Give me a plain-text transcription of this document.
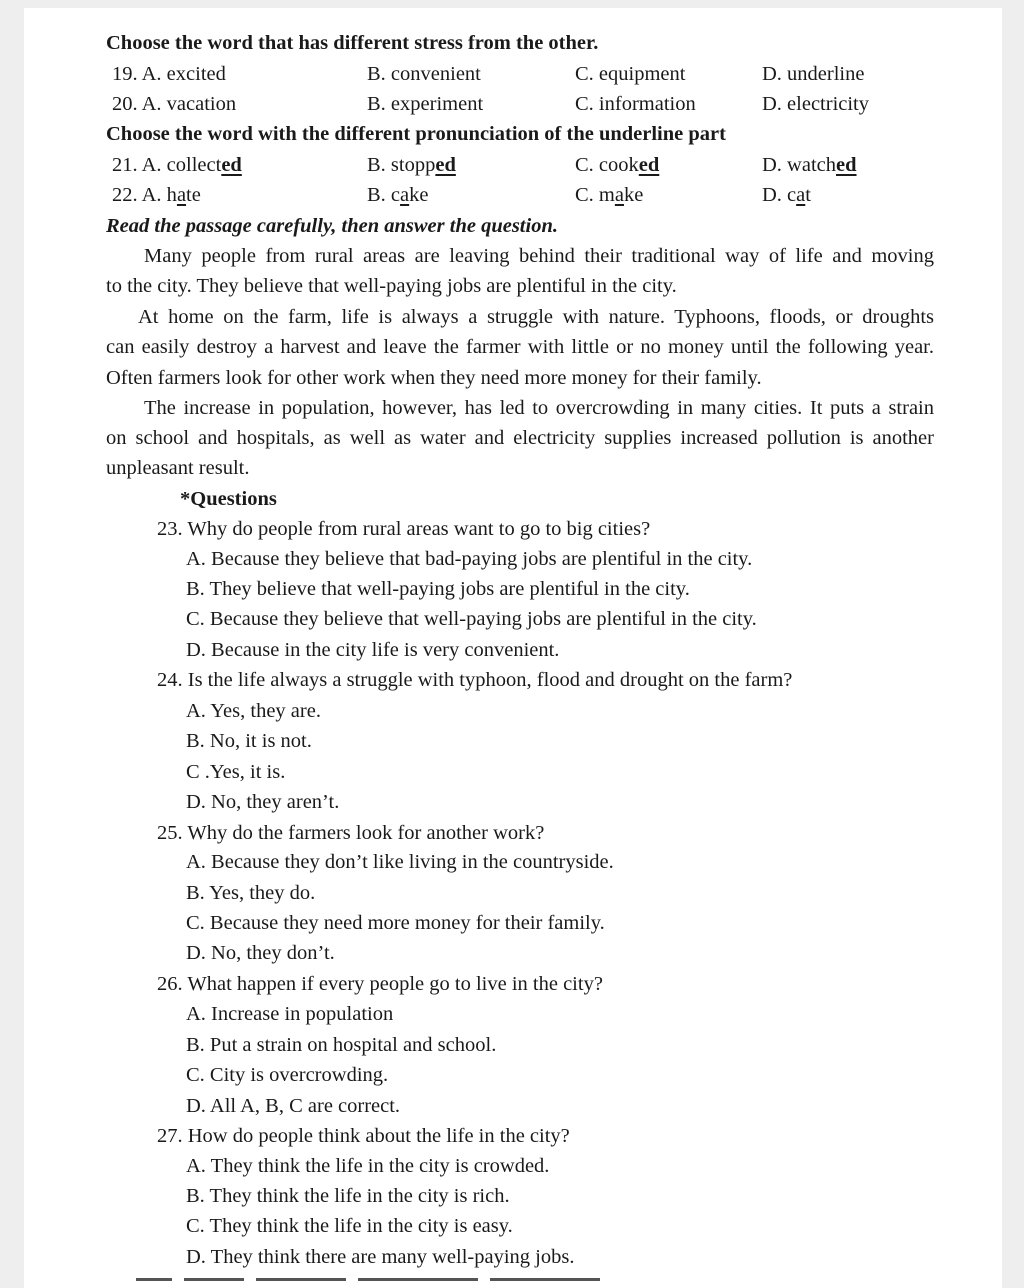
Choose the word that has different stress from the other.
19. A. excited	B. convenient	C. equipment	D. underline
20. A. vacation	B. experiment	C. information	D. electricity
Choose the word with the different pronunciation of the underline part
21. A. collected	B. stopped	C. cooked	D. watched
22. A. hate	B. cake	C. make	D. cat
Read the passage carefully, then answer the question.
Many people from rural areas are leaving behind their traditional way of life and moving
to the city. They believe that well-paying jobs are plentiful in the city.
At home on the farm, life is always a struggle with nature. Typhoons, floods, or droughts
can easily destroy a harvest and leave the farmer with little or no money until the following year.
Often farmers look for other work when they need more money for their family.
The increase in population, however, has led to overcrowding in many cities. It puts a strain
on school and hospitals, as well as water and electricity supplies increased pollution is another
unpleasant result.
*Questions
23. Why do people from rural areas want to go to big cities?
A. Because they believe that bad-paying jobs are plentiful in the city.
B. They believe that well-paying jobs are plentiful in the city.
C. Because they believe that well-paying jobs are plentiful in the city.
D. Because in the city life is very convenient.
24. Is the life always a struggle with typhoon, flood and drought on the farm?
A. Yes, they are.
B. No, it is not.
C .Yes, it is.
D. No, they aren’t.
25. Why do the farmers look for another work?
A. Because they don’t like living in the countryside.
B. Yes, they do.
C. Because they need more money for their family.
D. No, they don’t.
26. What happen if every people go to live in the city?
A. Increase in population
B. Put a strain on hospital and school.
C. City is overcrowding.
D. All A, B, C are correct.
27. How do people think about the life in the city?
A. They think the life in the city is crowded.
B. They think the life in the city is rich.
C. They think the life in the city is easy.
D. They think there are many well-paying jobs.
